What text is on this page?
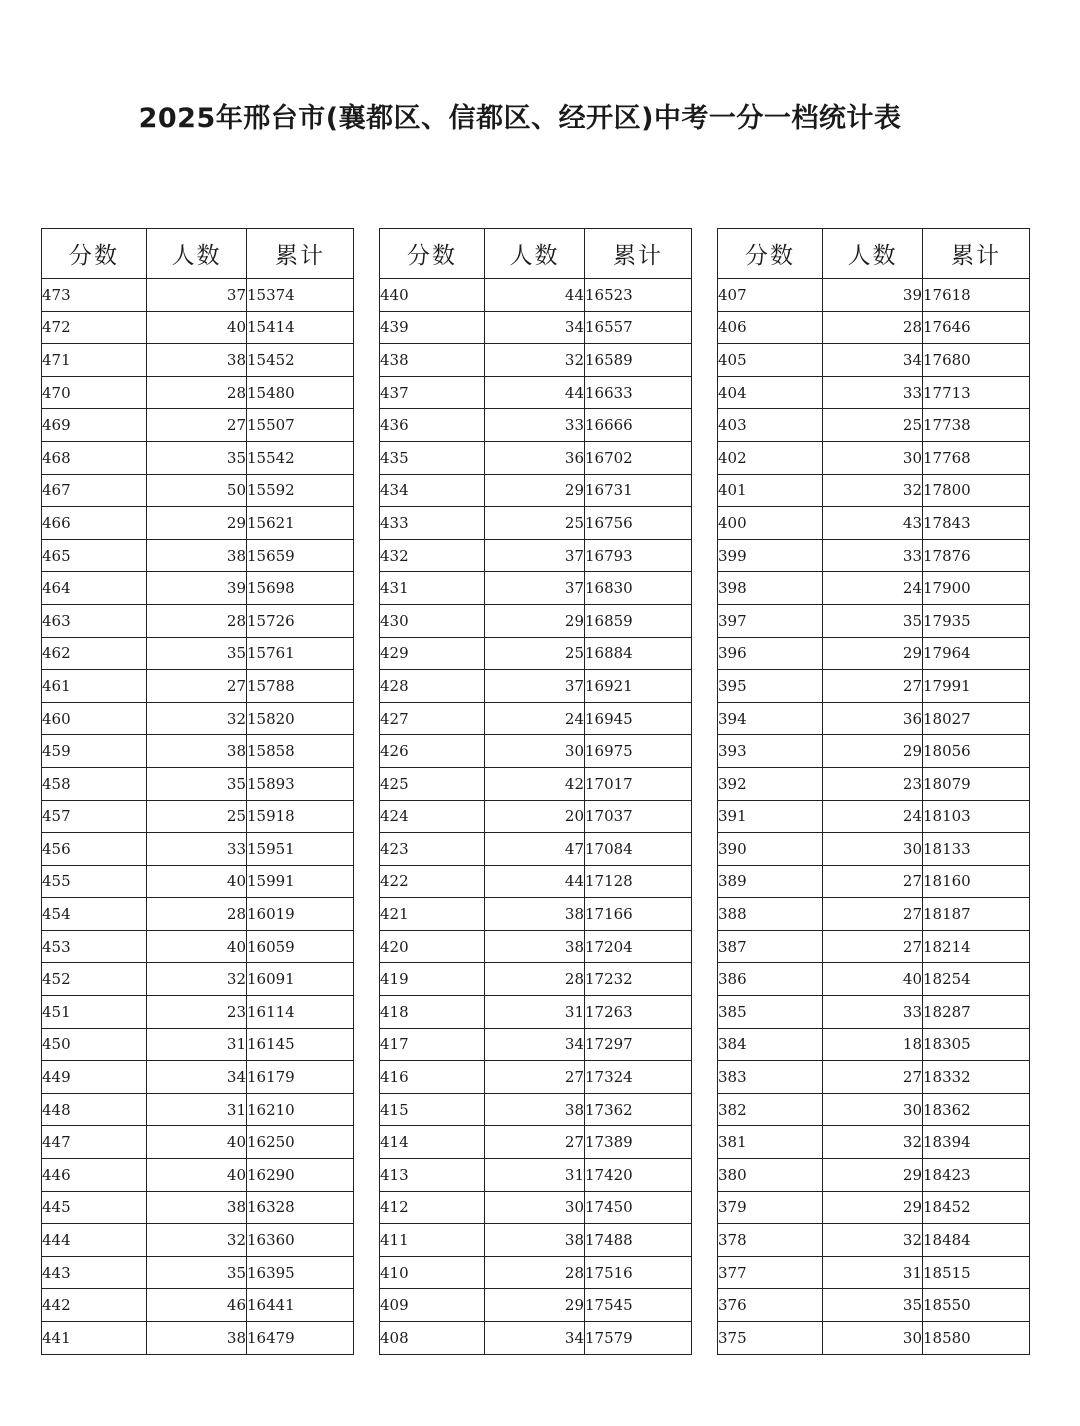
2025年邢台市(襄都区、信都区、经开区)中考一分一档统计表
分数	人数	累计
473	37	15374
472	40	15414
471	38	15452
470	28	15480
469	27	15507
468	35	15542
467	50	15592
466	29	15621
465	38	15659
464	39	15698
463	28	15726
462	35	15761
461	27	15788
460	32	15820
459	38	15858
458	35	15893
457	25	15918
456	33	15951
455	40	15991
454	28	16019
453	40	16059
452	32	16091
451	23	16114
450	31	16145
449	34	16179
448	31	16210
447	40	16250
446	40	16290
445	38	16328
444	32	16360
443	35	16395
442	46	16441
441	38	16479
分数	人数	累计
440	44	16523
439	34	16557
438	32	16589
437	44	16633
436	33	16666
435	36	16702
434	29	16731
433	25	16756
432	37	16793
431	37	16830
430	29	16859
429	25	16884
428	37	16921
427	24	16945
426	30	16975
425	42	17017
424	20	17037
423	47	17084
422	44	17128
421	38	17166
420	38	17204
419	28	17232
418	31	17263
417	34	17297
416	27	17324
415	38	17362
414	27	17389
413	31	17420
412	30	17450
411	38	17488
410	28	17516
409	29	17545
408	34	17579
分数	人数	累计
407	39	17618
406	28	17646
405	34	17680
404	33	17713
403	25	17738
402	30	17768
401	32	17800
400	43	17843
399	33	17876
398	24	17900
397	35	17935
396	29	17964
395	27	17991
394	36	18027
393	29	18056
392	23	18079
391	24	18103
390	30	18133
389	27	18160
388	27	18187
387	27	18214
386	40	18254
385	33	18287
384	18	18305
383	27	18332
382	30	18362
381	32	18394
380	29	18423
379	29	18452
378	32	18484
377	31	18515
376	35	18550
375	30	18580
